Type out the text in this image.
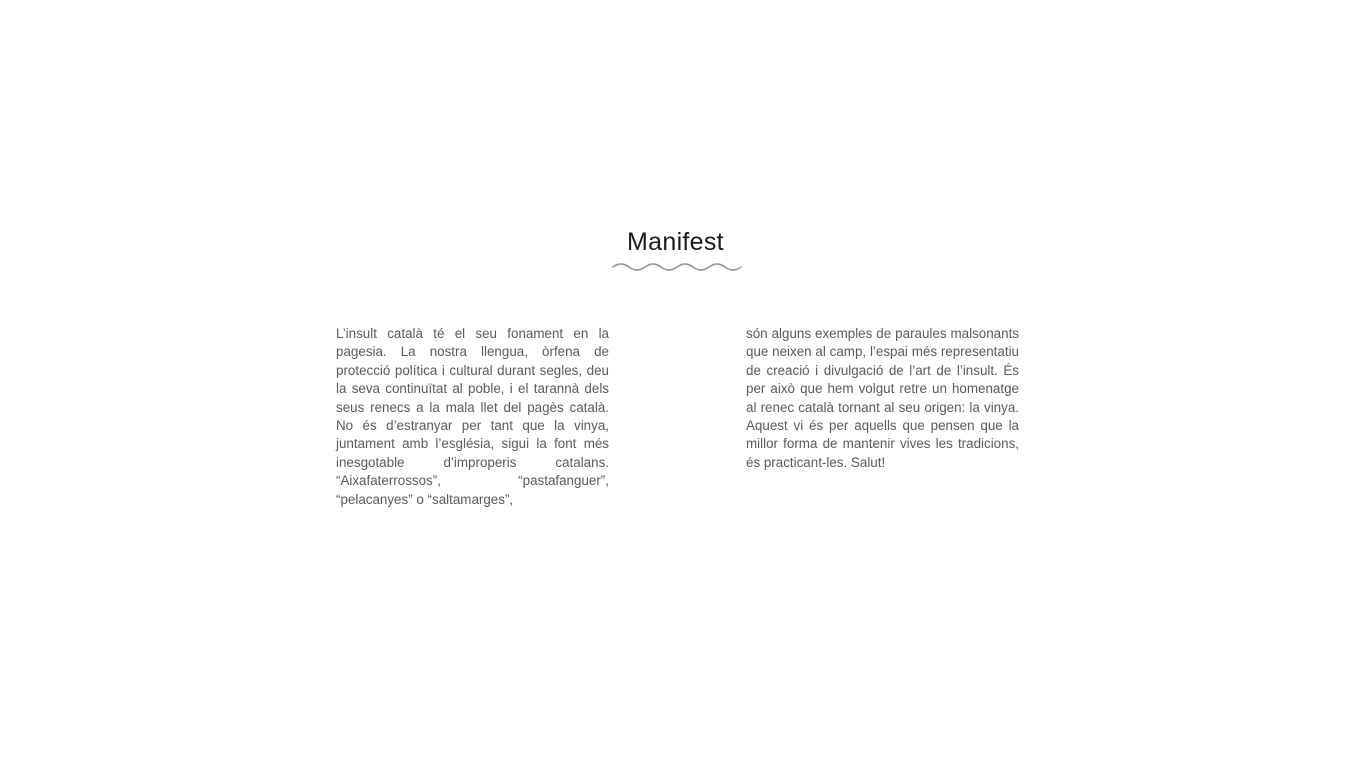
Manifest

L’insult català té el seu fonament en la pagesia. La nostra llengua, òrfena de protecció política i cultural durant segles, deu la seva continuïtat al poble, i el tarannà dels seus renecs a la mala llet del pagès català. No és d’estranyar per tant que la vinya, juntament amb l’església, sigui la font més inesgotable d’improperis catalans. “Aixafaterrossos”, “pastafanguer”, “pelacanyes” o “saltamarges”,

són alguns exemples de paraules malsonants que neixen al camp, l’espai més representatiu de creació i divulgació de l’art de l’insult. És per això que hem volgut retre un homenatge al renec català tornant al seu origen: la vinya. Aquest vi és per aquells que pensen que la millor forma de mantenir vives les tradicions, és practicant-les. Salut!
